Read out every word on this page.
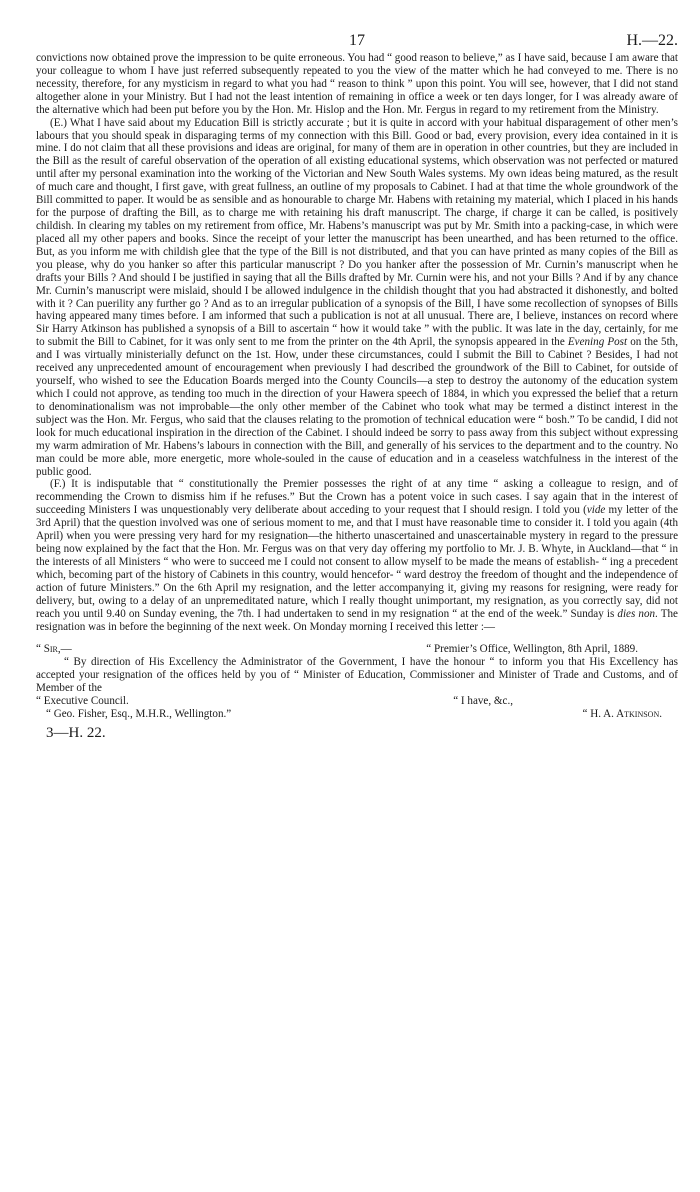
17	H.—22.

convictions now obtained prove the impression to be quite erroneous. You had “ good reason to believe,” as I have said, because I am aware that your colleague to whom I have just referred subsequently repeated to you the view of the matter which he had conveyed to me. There is no necessity, therefore, for any mysticism in regard to what you had “ reason to think ” upon this point. You will see, however, that I did not stand altogether alone in your Ministry. But I had not the least intention of remaining in office a week or ten days longer, for I was already aware of the alternative which had been put before you by the Hon. Mr. Hislop and the Hon. Mr. Fergus in regard to my retirement from the Ministry.

(E.) What I have said about my Education Bill is strictly accurate ; but it is quite in accord with your habitual disparagement of other men’s labours that you should speak in disparaging terms of my connection with this Bill. Good or bad, every provision, every idea contained in it is mine. I do not claim that all these provisions and ideas are original, for many of them are in operation in other countries, but they are included in the Bill as the result of careful observation of the operation of all existing educational systems, which observation was not perfected or matured until after my personal examination into the working of the Victorian and New South Wales systems. My own ideas being matured, as the result of much care and thought, I first gave, with great fullness, an outline of my proposals to Cabinet. I had at that time the whole groundwork of the Bill committed to paper. It would be as sensible and as honourable to charge Mr. Habens with retaining my material, which I placed in his hands for the purpose of drafting the Bill, as to charge me with retaining his draft manuscript. The charge, if charge it can be called, is positively childish. In clearing my tables on my retirement from office, Mr. Habens’s manuscript was put by Mr. Smith into a packing-case, in which were placed all my other papers and books. Since the receipt of your letter the manuscript has been unearthed, and has been returned to the office. But, as you inform me with childish glee that the type of the Bill is not distributed, and that you can have printed as many copies of the Bill as you please, why do you hanker so after this particular manuscript ? Do you hanker after the possession of Mr. Curnin’s manuscript when he drafts your Bills ? And should I be justified in saying that all the Bills drafted by Mr. Curnin were his, and not your Bills ? And if by any chance Mr. Curnin’s manuscript were mislaid, should I be allowed indulgence in the childish thought that you had abstracted it dishonestly, and bolted with it ? Can puerility any further go ? And as to an irregular publication of a synopsis of the Bill, I have some recollection of synopses of Bills having appeared many times before. I am informed that such a publication is not at all unusual. There are, I believe, instances on record where Sir Harry Atkinson has published a synopsis of a Bill to ascertain “ how it would take ” with the public. It was late in the day, certainly, for me to submit the Bill to Cabinet, for it was only sent to me from the printer on the 4th April, the synopsis appeared in the Evening Post on the 5th, and I was virtually ministerially defunct on the 1st. How, under these circumstances, could I submit the Bill to Cabinet ? Besides, I had not received any unprecedented amount of encouragement when previously I had described the groundwork of the Bill to Cabinet, for outside of yourself, who wished to see the Education Boards merged into the County Councils—a step to destroy the autonomy of the education system which I could not approve, as tending too much in the direction of your Hawera speech of 1884, in which you expressed the belief that a return to denominationalism was not improbable—the only other member of the Cabinet who took what may be termed a distinct interest in the subject was the Hon. Mr. Fergus, who said that the clauses relating to the promotion of technical education were “ bosh.” To be candid, I did not look for much educational inspiration in the direction of the Cabinet. I should indeed be sorry to pass away from this subject without expressing my warm admiration of Mr. Habens’s labours in connection with the Bill, and generally of his services to the department and to the country. No man could be more able, more energetic, more whole-souled in the cause of education and in a ceaseless watchfulness in the interest of the public good.

(F.) It is indisputable that “ constitutionally the Premier possesses the right of at any time “ asking a colleague to resign, and of recommending the Crown to dismiss him if he refuses.” But the Crown has a potent voice in such cases. I say again that in the interest of succeeding Ministers I was unquestionably very deliberate about acceding to your request that I should resign. I told you (vide my letter of the 3rd April) that the question involved was one of serious moment to me, and that I must have reasonable time to consider it. I told you again (4th April) when you were pressing very hard for my resignation—the hitherto unascertained and unascertainable mystery in regard to the pressure being now explained by the fact that the Hon. Mr. Fergus was on that very day offering my portfolio to Mr. J. B. Whyte, in Auckland—that “ in the interests of all Ministers “ who were to succeed me I could not consent to allow myself to be made the means of establish- “ ing a precedent which, becoming part of the history of Cabinets in this country, would hencefor- “ ward destroy the freedom of thought and the independence of action of future Ministers.” On the 6th April my resignation, and the letter accompanying it, giving my reasons for resigning, were ready for delivery, but, owing to a delay of an unpremeditated nature, which I really thought unimportant, my resignation, as you correctly say, did not reach you until 9.40 on Sunday evening, the 7th. I had undertaken to send in my resignation “ at the end of the week.” Sunday is dies non. The resignation was in before the beginning of the next week. On Monday morning I received this letter :—

“ Sir,—	“ Premier’s Office, Wellington, 8th April, 1889.
“ By direction of His Excellency the Administrator of the Government, I have the honour “ to inform you that His Excellency has accepted your resignation of the offices held by you of “ Minister of Education, Commissioner and Minister of Trade and Customs, and of Member of the
“ Executive Council.	“ I have, &c.,
“ Geo. Fisher, Esq., M.H.R., Wellington.”	“ H. A. Atkinson.
3—H. 22.
